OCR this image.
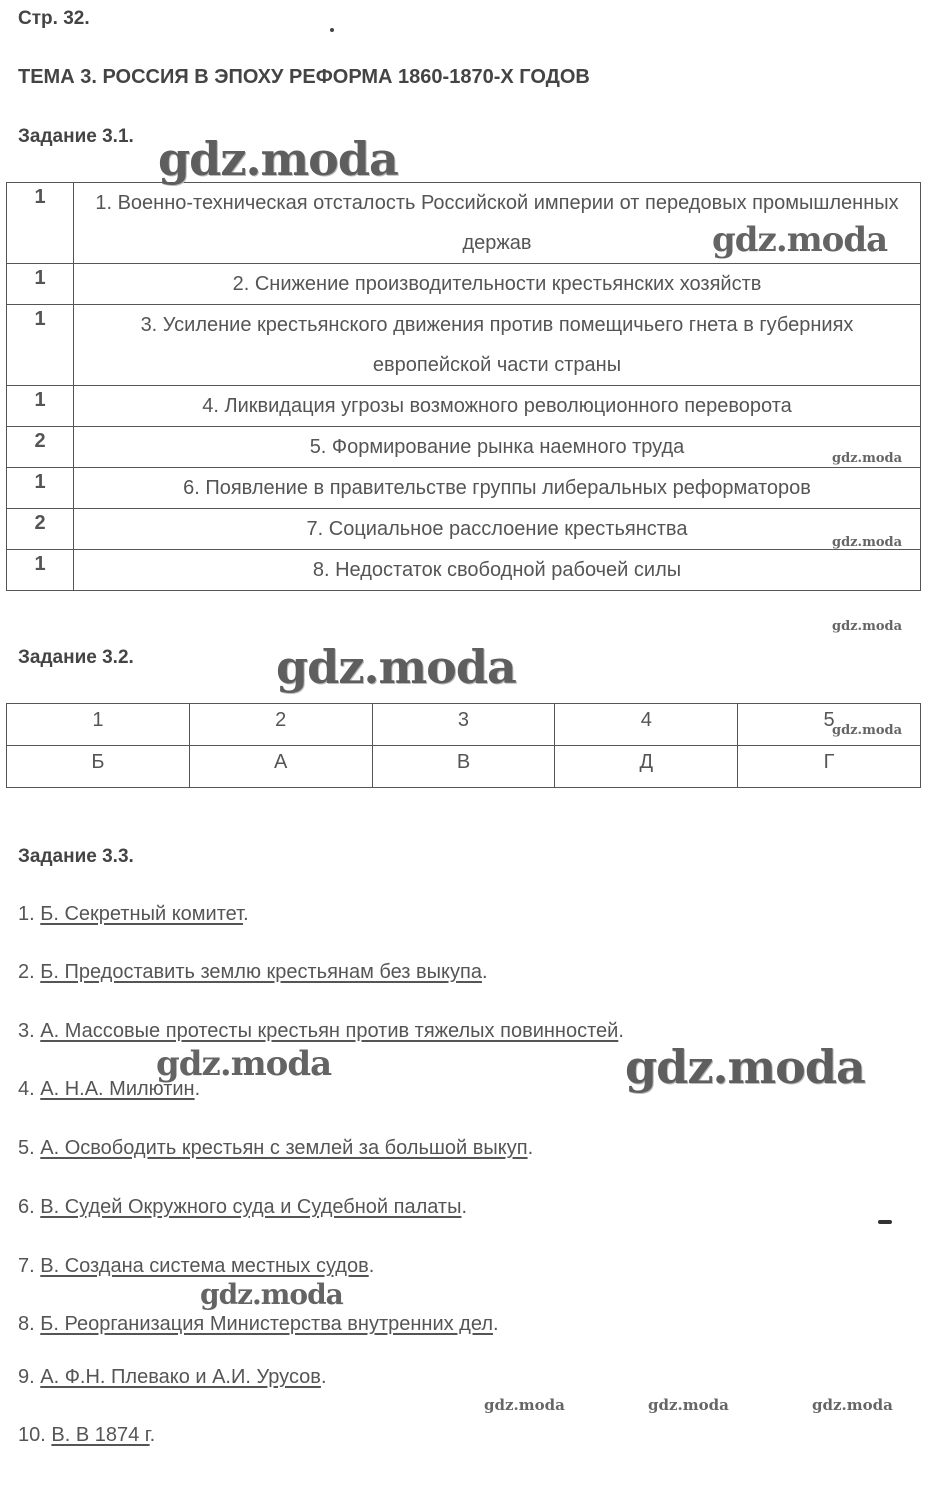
Стр. 32.
ТЕМА 3. РОССИЯ В ЭПОХУ РЕФОРМА 1860-1870-Х ГОДОВ
Задание 3.1.
1	1. Военно-техническая отсталость Российской империи от передовых промышленных держав
1	2. Снижение производительности крестьянских хозяйств
1	3. Усиление крестьянского движения против помещичьего гнета в губерниях европейской части страны
1	4. Ликвидация угрозы возможного революционного переворота
2	5. Формирование рынка наемного труда
1	6. Появление в правительстве группы либеральных реформаторов
2	7. Социальное расслоение крестьянства
1	8. Недостаток свободной рабочей силы
Задание 3.2.
1	2	3	4	5
Б	А	В	Д	Г
Задание 3.3.
1. Б. Секретный комитет.
2. Б. Предоставить землю крестьянам без выкупа.
3. А. Массовые протесты крестьян против тяжелых повинностей.
4. А. Н.А. Милютин.
5. А. Освободить крестьян с землей за большой выкуп.
6. В. Судей Окружного суда и Судебной палаты.
7. В. Создана система местных судов.
8. Б. Реорганизация Министерства внутренних дел.
9. А. Ф.Н. Плевако и А.И. Урусов.
10. В. В 1874 г.
gdz.moda
gdz.moda
gdz.moda
gdz.moda
gdz.moda
gdz.moda
gdz.moda
gdz.moda	gdz.moda
gdz.moda
gdz.moda	gdz.moda	gdz.moda
